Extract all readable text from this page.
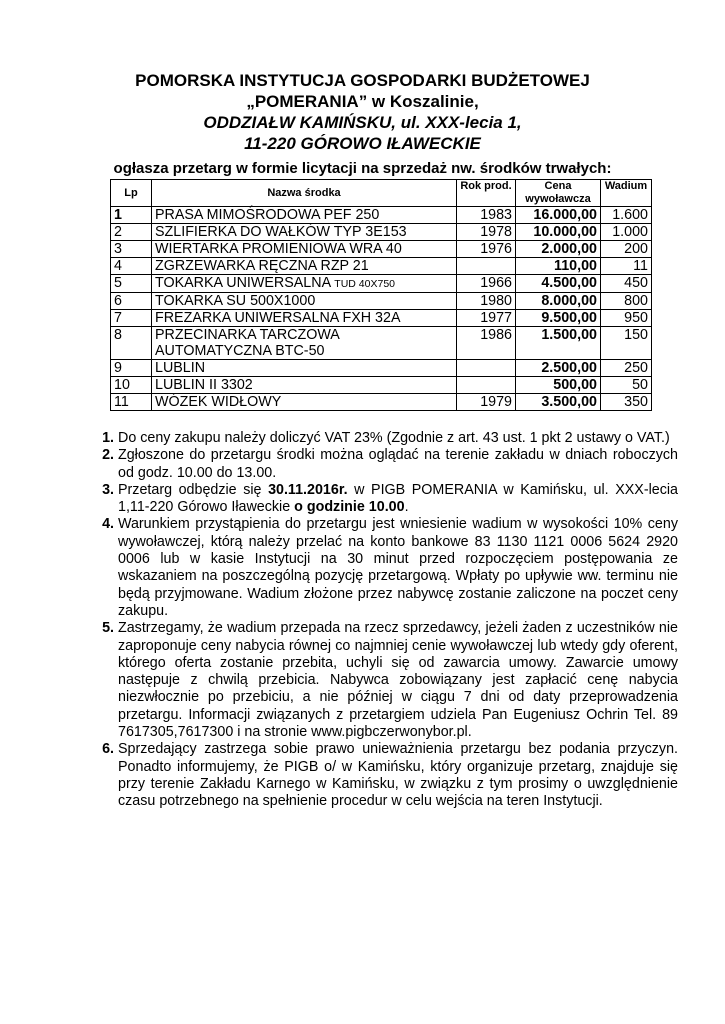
POMORSKA INSTYTUCJA GOSPODARKI BUDŻETOWEJ
„POMERANIA” w Koszalinie,
ODDZIAŁW KAMIŃSKU, ul. XXX-lecia 1,
11-220 GÓROWO IŁAWECKIE
ogłasza przetarg w formie licytacji na sprzedaż nw. środków trwałych:
Lp	Nazwa środka	Rok prod.	Cena wywoławcza	Wadium
1	PRASA MIMOŚRODOWA PEF 250	1983	16.000,00	1.600
2	SZLIFIERKA DO WAŁKÓW TYP 3E153	1978	10.000,00	1.000
3	WIERTARKA PROMIENIOWA WRA 40	1976	2.000,00	200
4	ZGRZEWARKA RĘCZNA RZP 21		110,00	11
5	TOKARKA UNIWERSALNA TUD 40X750	1966	4.500,00	450
6	TOKARKA SU 500X1000	1980	8.000,00	800
7	FREZARKA UNIWERSALNA FXH 32A	1977	9.500,00	950
8	PRZECINARKA TARCZOWA AUTOMATYCZNA BTC-50	1986	1.500,00	150
9	LUBLIN		2.500,00	250
10	LUBLIN II 3302		500,00	50
11	WÓZEK WIDŁOWY	1979	3.500,00	350
1. Do ceny zakupu należy doliczyć VAT 23% (Zgodnie z art. 43 ust. 1 pkt 2 ustawy o VAT.)
2. Zgłoszone do przetargu środki można oglądać na terenie zakładu w dniach roboczych od godz. 10.00 do 13.00.
3. Przetarg odbędzie się 30.11.2016r. w PIGB POMERANIA w Kamińsku, ul. XXX-lecia 1,11-220 Górowo Iławeckie o godzinie 10.00.
4. Warunkiem przystąpienia do przetargu jest wniesienie wadium w wysokości 10% ceny wywoławczej, którą należy przelać na konto bankowe 83 1130 1121 0006 5624 2920 0006 lub w kasie Instytucji na 30 minut przed rozpoczęciem postępowania ze wskazaniem na poszczególną pozycję przetargową. Wpłaty po upływie ww. terminu nie będą przyjmowane. Wadium złożone przez nabywcę zostanie zaliczone na poczet ceny zakupu.
5. Zastrzegamy, że wadium przepada na rzecz sprzedawcy, jeżeli żaden z uczestników nie zaproponuje ceny nabycia równej co najmniej cenie wywoławczej lub wtedy gdy oferent, którego oferta zostanie przebita, uchyli się od zawarcia umowy. Zawarcie umowy następuje z chwilą przebicia. Nabywca zobowiązany jest zapłacić cenę nabycia niezwłocznie po przebiciu, a nie później w ciągu 7 dni od daty przeprowadzenia przetargu. Informacji związanych z przetargiem udziela Pan Eugeniusz Ochrin Tel. 89 7617305,7617300 i na stronie www.pigbczerwonybor.pl.
6. Sprzedający zastrzega sobie prawo unieważnienia przetargu bez podania przyczyn. Ponadto informujemy, że PIGB o/ w Kamińsku, który organizuje przetarg, znajduje się przy terenie Zakładu Karnego w Kamińsku, w związku z tym prosimy o uwzględnienie czasu potrzebnego na spełnienie procedur w celu wejścia na teren Instytucji.
